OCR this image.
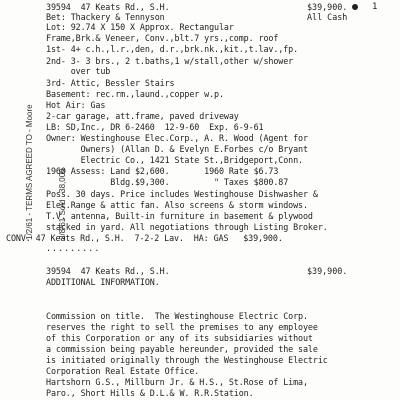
1

1/2/61 - TERMS AGREED TO - Moore

	2/8/61 Sold   38,000

39594  47 Keats Rd., S.H.	$39,900.
All Cash
Bet: Thackery & Tennyson
Lot: 92.74 X 150 X Approx. Rectangular
Frame,Brk.& Veneer, Conv.,blt.7 yrs.,comp. roof
1st- 4+ c.h.,l.r.,den, d.r.,brk.nk.,kit.,t.lav.,fp.
2nd- 3- 3 brs., 2 t.baths,1 w/stall,other w/shower
over tub
3rd- Attic, Bessler Stairs
Basement: rec.rm.,laund.,copper w.p.
Hot Air: Gas
2-car garage, att.frame, paved driveway
LB: SD,Inc., DR 6-2460  12-9-60  Exp. 6-9-61
Owner: Westinghouse Elec.Corp., A. R. Wood (Agent for
Owners) (Allan D. & Evelyn E.Forbes c/o Bryant
Electric Co., 1421 State St.,Bridgeport,Conn.
1960 Assess: Land $2,600.       1960 Rate $6.73
Bldg.$9,300.         " Taxes $800.87
Poss. 30 days. Price includes Westinghouse Dishwasher &
Elec.Range & attic fan. Also screens & storm windows.
T.V. antenna, Built-in furniture in basement & plywood
stacked in yard. All negotiations through Listing Broker.
CONV. 47 Keats Rd., S.H.  7-2-2 Lav.  HA: GAS   $39,900.
.........
39594  47 Keats Rd., S.H.	$39,900.
ADDITIONAL INFORMATION.
Commission on title.  The Westinghouse Electric Corp.
reserves the right to sell the premises to any employee
of this Corporation or any of its subsidiaries without
a commission being payable hereunder, provided the sale
is initiated originally through the Westinghouse Electric
Corporation Real Estate Office.
Hartshorn G.S., Millburn Jr. & H.S., St.Rose of Lima,
Paro., Short Hills & D.L.& W. R.R.Station.
